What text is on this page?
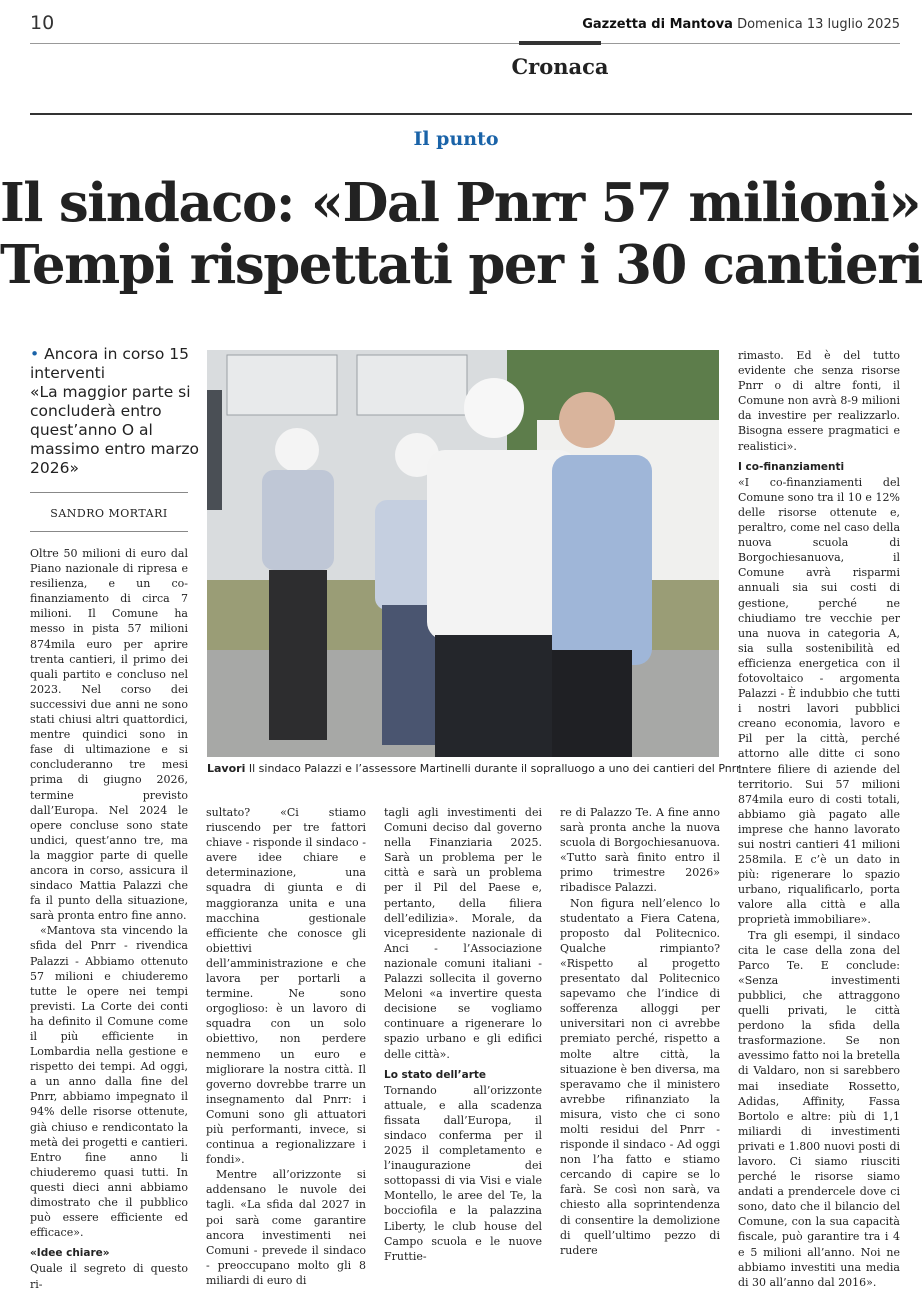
10	Gazzetta di Mantova Domenica 13 luglio 2025
Cronaca
Il punto
Il sindaco: «Dal Pnrr 57 milioni»
Tempi rispettati per i 30 cantieri
• Ancora in corso 15 interventi
«La maggior parte si concluderà entro quest’anno O al massimo entro marzo 2026»
SANDRO MORTARI

Oltre 50 milioni di euro dal Piano nazionale di ripresa e resilienza, e un co-finanziamento di circa 7 milioni. Il Comune ha messo in pista 57 milioni 874mila euro per aprire trenta cantieri, il primo dei quali partito e concluso nel 2023. Nel corso dei successivi due anni ne sono stati chiusi altri quattordici, mentre quindici sono in fase di ultimazione e si concluderanno tre mesi prima di giugno 2026, termine previsto dall’Europa. Nel 2024 le opere concluse sono state undici, quest’anno tre, ma la maggior parte di quelle ancora in corso, assicura il sindaco Mattia Palazzi che fa il punto della situazione, sarà pronta entro fine anno.

«Mantova sta vincendo la sfida del Pnrr - rivendica Palazzi - Abbiamo ottenuto 57 milioni e chiuderemo tutte le opere nei tempi previsti. La Corte dei conti ha definito il Comune come il più efficiente in Lombardia nella gestione e rispetto dei tempi. Ad oggi, a un anno dalla fine del Pnrr, abbiamo impegnato il 94% delle risorse ottenute, già chiuso e rendicontato la metà dei progetti e cantieri. Entro fine anno li chiuderemo quasi tutti. In questi dieci anni abbiamo dimostrato che il pubblico può essere efficiente ed efficace».

«Idee chiare»

Quale il segreto di questo ri-

Lavori Il sindaco Palazzi e l’assessore Martinelli durante il sopralluogo a uno dei cantieri del Pnrr

sultato? «Ci stiamo riuscendo per tre fattori chiave - risponde il sindaco - avere idee chiare e determinazione, una squadra di giunta e di maggioranza unita e una macchina gestionale efficiente che conosce gli obiettivi dell’amministrazione e che lavora per portarli a termine. Ne sono orgoglioso: è un lavoro di squadra con un solo obiettivo, non perdere nemmeno un euro e migliorare la nostra città. Il governo dovrebbe trarre un insegnamento dal Pnrr: i Comuni sono gli attuatori più performanti, invece, si continua a regionalizzare i fondi».

Mentre all’orizzonte si addensano le nuvole dei tagli. «La sfida dal 2027 in poi sarà come garantire ancora investimenti nei Comuni - prevede il sindaco - preoccupano molto gli 8 miliardi di euro di

tagli agli investimenti dei Comuni deciso dal governo nella Finanziaria 2025. Sarà un problema per le città e sarà un problema per il Pil del Paese e, pertanto, della filiera dell’edilizia». Morale, da vicepresidente nazionale di Anci - l’Associazione nazionale comuni italiani - Palazzi sollecita il governo Meloni «a invertire questa decisione se vogliamo continuare a rigenerare lo spazio urbano e gli edifici delle città».

Lo stato dell’arte

Tornando all’orizzonte attuale, e alla scadenza fissata dall’Europa, il sindaco conferma per il 2025 il completamento e l’inaugurazione dei sottopassi di via Visi e viale Montello, le aree del Te, la bocciofila e la palazzina Liberty, le club house del Campo scuola e le nuove Fruttie-

re di Palazzo Te. A fine anno sarà pronta anche la nuova scuola di Borgochiesanuova. «Tutto sarà finito entro il primo trimestre 2026» ribadisce Palazzi.

Non figura nell’elenco lo studentato a Fiera Catena, proposto dal Politecnico. Qualche rimpianto? «Rispetto al progetto presentato dal Politecnico sapevamo che l’indice di sofferenza alloggi per universitari non ci avrebbe premiato perché, rispetto a molte altre città, la situazione è ben diversa, ma speravamo che il ministero avrebbe rifinanziato la misura, visto che ci sono molti residui del Pnrr - risponde il sindaco - Ad oggi non l’ha fatto e stiamo cercando di capire se lo farà. Se così non sarà, va chiesto alla soprintendenza di consentire la demolizione di quell’ultimo pezzo di rudere

rimasto. Ed è del tutto evidente che senza risorse Pnrr o di altre fonti, il Comune non avrà 8-9 milioni da investire per realizzarlo. Bisogna essere pragmatici e realistici».

I co-finanziamenti

«I co-finanziamenti del Comune sono tra il 10 e 12% delle risorse ottenute e, peraltro, come nel caso della nuova scuola di Borgochiesanuova, il Comune avrà risparmi annuali sia sui costi di gestione, perché ne chiudiamo tre vecchie per una nuova in categoria A, sia sulla sostenibilità ed efficienza energetica con il fotovoltaico - argomenta Palazzi - È indubbio che tutti i nostri lavori pubblici creano economia, lavoro e Pil per la città, perché attorno alle ditte ci sono intere filiere di aziende del territorio. Sui 57 milioni 874mila euro di costi totali, abbiamo già pagato alle imprese che hanno lavorato sui nostri cantieri 41 milioni 258mila. E c’è un dato in più: rigenerare lo spazio urbano, riqualificarlo, porta valore alla città e alla proprietà immobiliare».

Tra gli esempi, il sindaco cita le case della zona del Parco Te. E conclude: «Senza investimenti pubblici, che attraggono quelli privati, le città perdono la sfida della trasformazione. Se non avessimo fatto noi la bretella di Valdaro, non si sarebbero mai insediate Rossetto, Adidas, Affinity, Fassa Bortolo e altre: più di 1,1 miliardi di investimenti privati e 1.800 nuovi posti di lavoro. Ci siamo riusciti perché le risorse siamo andati a prendercele dove ci sono, dato che il bilancio del Comune, con la sua capacità fiscale, può garantire tra i 4 e 5 milioni all’anno. Noi ne abbiamo investiti una media di 30 all’anno dal 2016».
